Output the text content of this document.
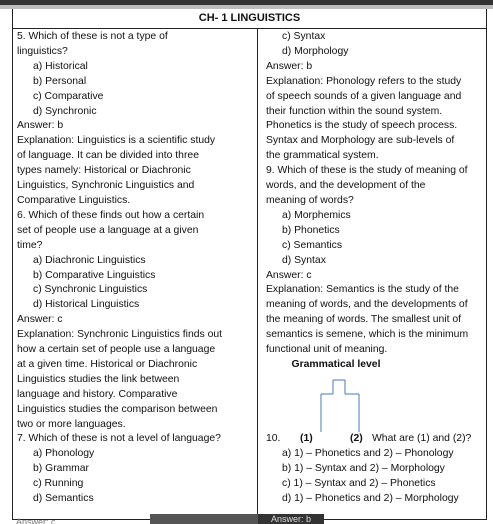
CH- 1 LINGUISTICS

5. Which of these is not a type of

linguistics?

a) Historical

b) Personal

c) Comparative

d) Synchronic

Answer: b

Explanation: Linguistics is a scientific study

of language. It can be divided into three

types namely: Historical or Diachronic

Linguistics, Synchronic Linguistics and

Comparative Linguistics.

6. Which of these finds out how a certain

set of people use a language at a given

time?

a) Diachronic Linguistics

b) Comparative Linguistics

c) Synchronic Linguistics

d) Historical Linguistics

Answer: c

Explanation: Synchronic Linguistics finds out

how a certain set of people use a language

at a given time. Historical or Diachronic

Linguistics studies the link between

language and history. Comparative

Linguistics studies the comparison between

two or more languages.

7. Which of these is not a level of language?

a) Phonology

b) Grammar

c) Running

d) Semantics

c) Syntax

d) Morphology

Answer: b

Explanation: Phonology refers to the study

of speech sounds of a given language and

their function within the sound system.

Phonetics is the study of speech process.

Syntax and Morphology are sub-levels of

the grammatical system.

9. Which of these is the study of meaning of

words, and the development of the

meaning of words?

a) Morphemics

b) Phonetics

c) Semantics

d) Syntax

Answer: c

Explanation: Semantics is the study of the

meaning of words, and the developments of

the meaning of words. The smallest unit of

semantics is semene, which is the minimum

functional unit of meaning.

Grammatical level

10. (1)	(2) What are (1) and (2)?

a) 1) – Phonetics and 2) – Phonology

b) 1) – Syntax and 2) – Morphology

c) 1) – Syntax and 2) – Phonetics

d) 1) – Phonetics and 2) – Morphology

Answer: b
Answer: c
